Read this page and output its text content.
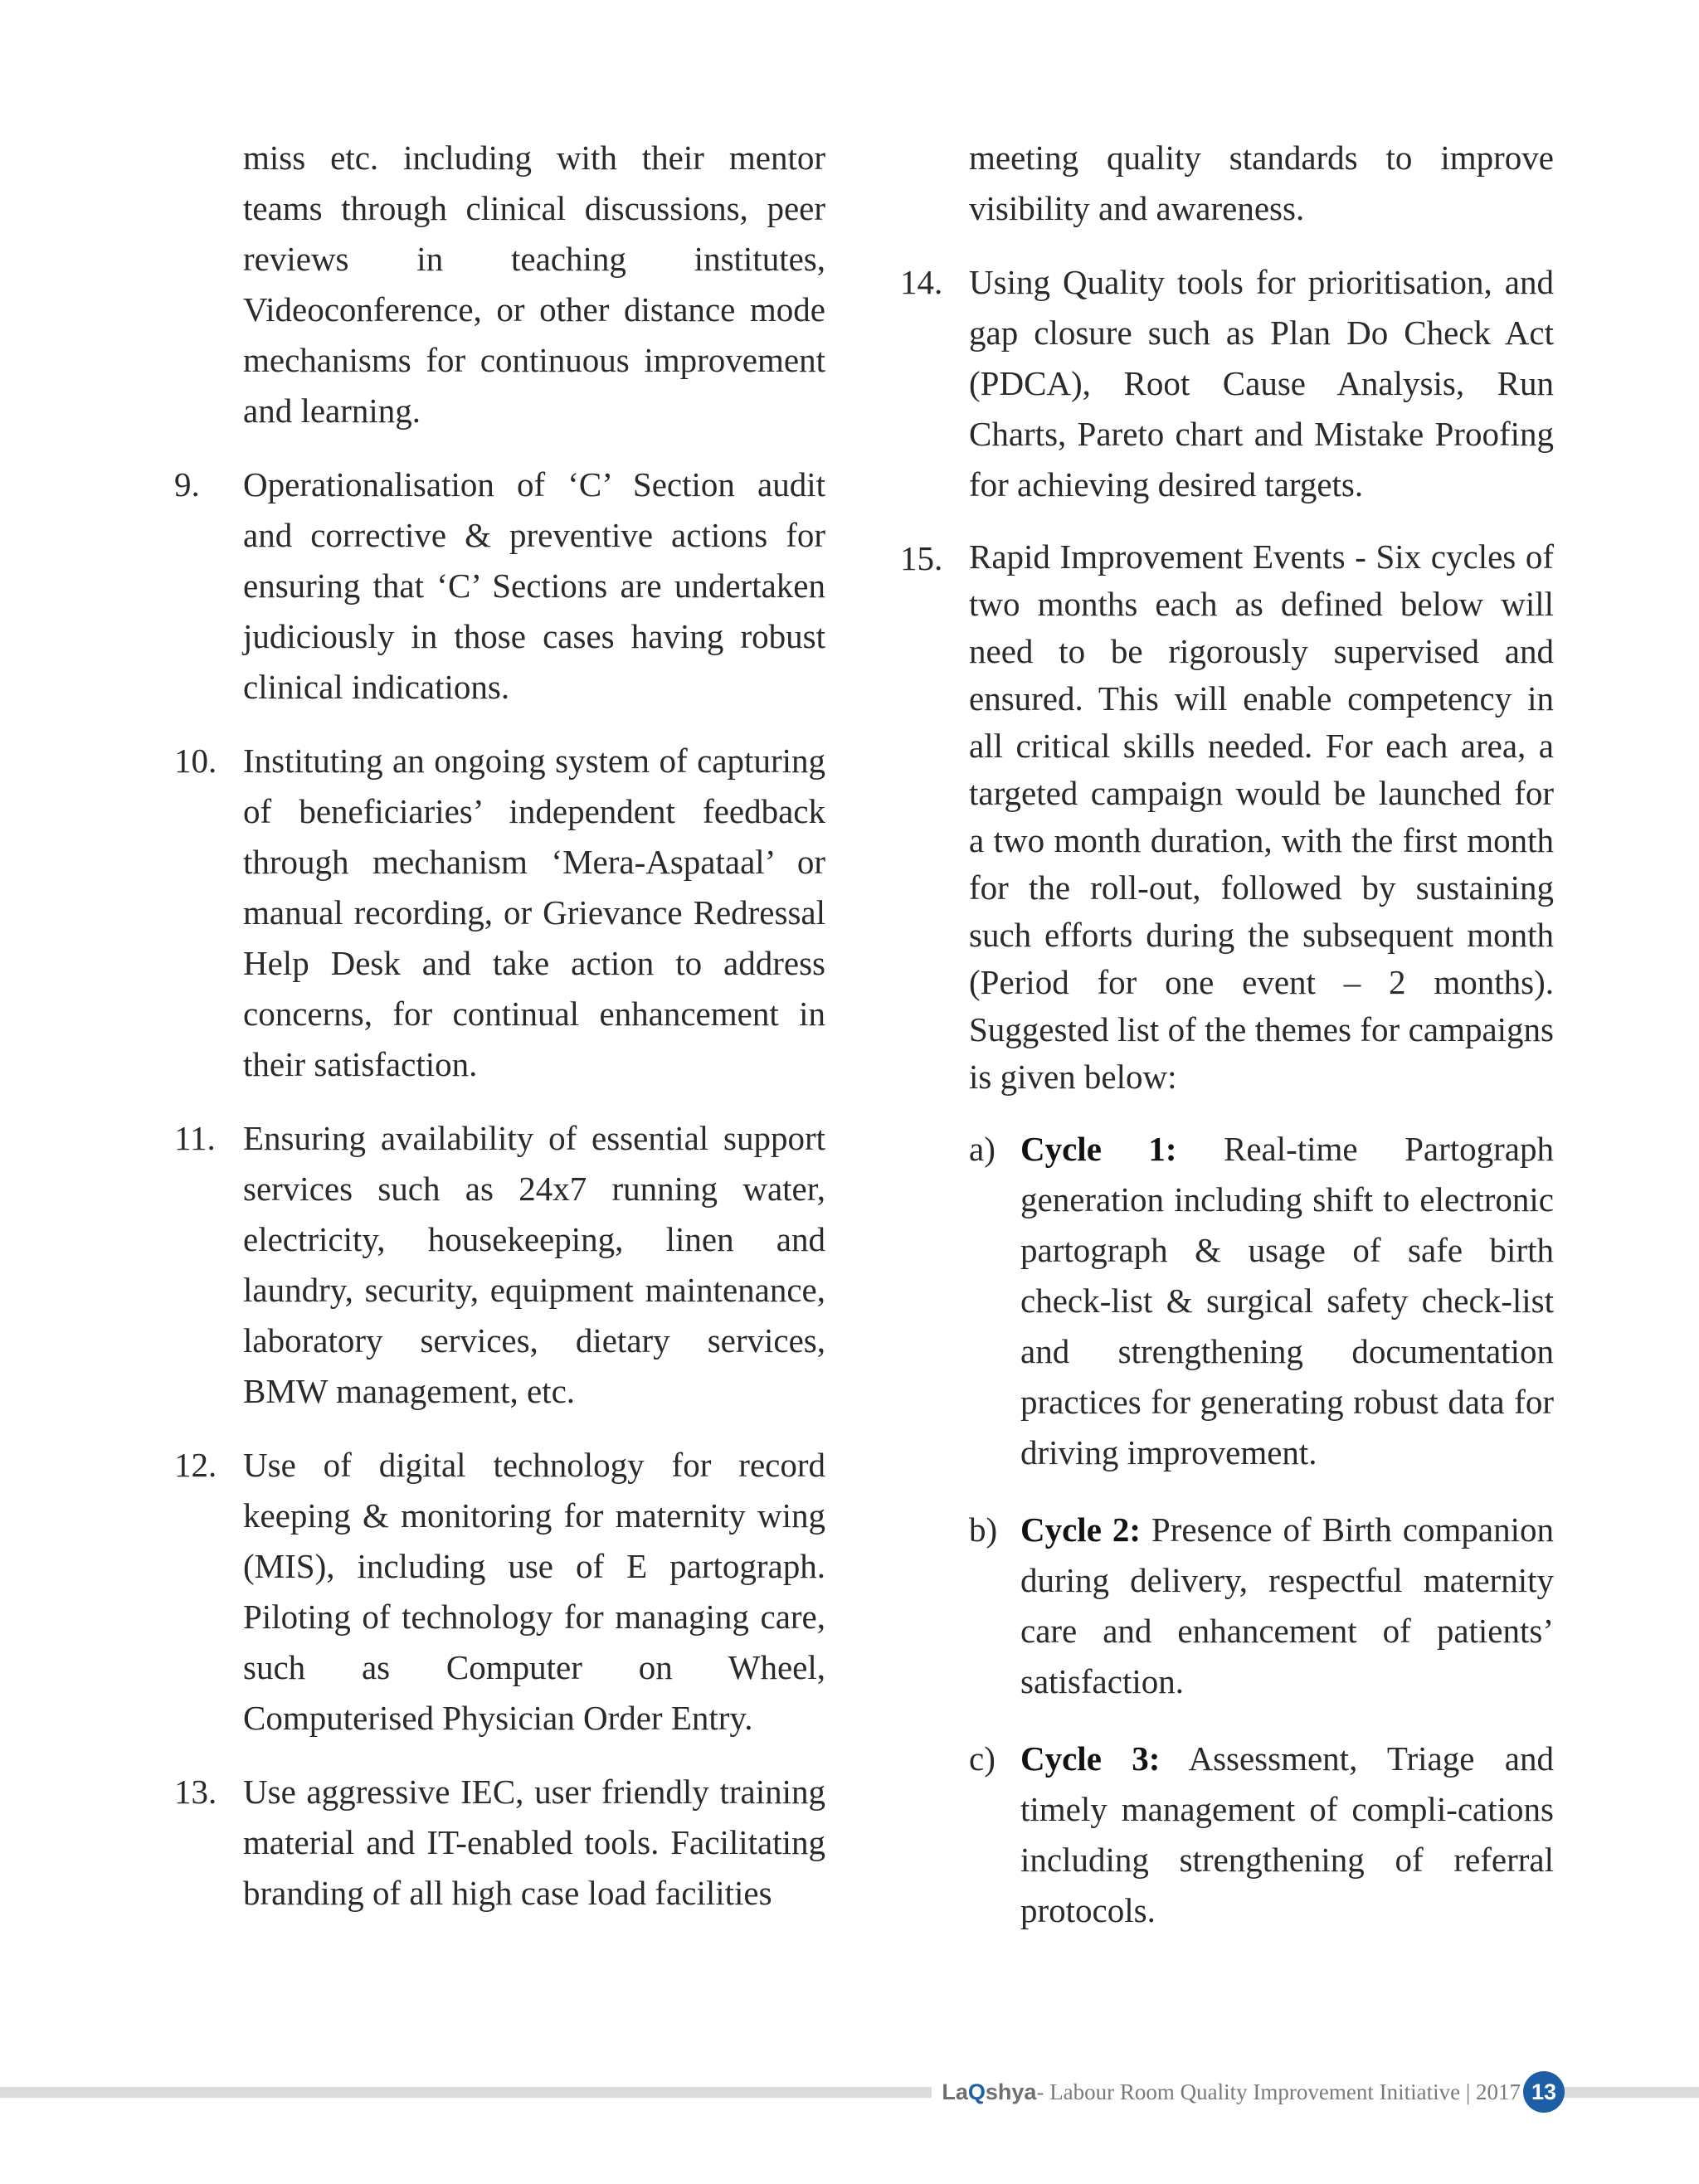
miss etc. including with their mentor teams through clinical discussions, peer reviews in teaching institutes, Videoconference, or other distance mode mechanisms for continuous improvement and learning.

9.	Operationalisation of ‘C’ Section audit and corrective & preventive actions for ensuring that ‘C’ Sections are undertaken judiciously in those cases having robust clinical indications.

10. Instituting an ongoing system of capturing of beneficiaries’ independent feedback through mechanism ‘Mera-Aspataal’ or manual recording, or Grievance Redressal Help Desk and take action to address concerns, for continual enhancement in their satisfaction.

11. Ensuring availability of essential support services such as 24x7 running water, electricity, housekeeping, linen and laundry, security, equipment maintenance, laboratory services, dietary services, BMW management, etc.

12. Use of digital technology for record keeping & monitoring for maternity wing (MIS), including use of E partograph. Piloting of technology for managing care, such as Computer on Wheel, Computerised Physician Order Entry.

13. Use aggressive IEC, user friendly training material and IT-enabled tools. Facilitating branding of all high case load facilities

meeting quality standards to improve visibility and awareness.

14. Using Quality tools for prioritisation, and gap closure such as Plan Do Check Act (PDCA), Root Cause Analysis, Run Charts, Pareto chart and Mistake Proofing for achieving desired targets.

15. Rapid Improvement Events - Six cycles of two months each as defined below will need to be rigorously supervised and ensured. This will enable competency in all critical skills needed. For each area, a targeted campaign would be launched for a two month duration, with the first month for the roll-out, followed by sustaining such efforts during the subsequent month (Period for one event – 2 months). Suggested list of the themes for campaigns is given below:

a) Cycle 1: Real-time Partograph generation including shift to electronic partograph & usage of safe birth check-list & surgical safety check-list and strengthening documentation practices for generating robust data for driving improvement.

b) Cycle 2: Presence of Birth companion during delivery, respectful maternity care and enhancement of patients’ satisfaction.

c) Cycle 3: Assessment, Triage and timely management of compli-cations including strengthening of referral protocols.

LaQshya - Labour Room Quality Improvement Initiative | 2017 13
